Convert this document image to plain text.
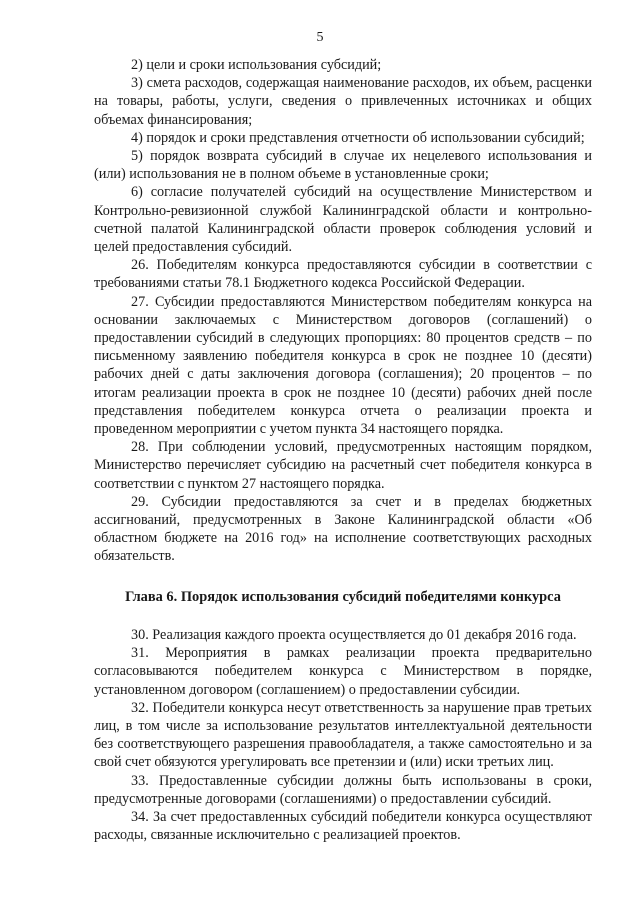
5

2) цели и сроки использования субсидий;

3) смета расходов, содержащая наименование расходов, их объем, расценки на товары, работы, услуги, сведения о привлеченных источниках и общих объемах финансирования;

4) порядок и сроки представления отчетности об использовании субсидий;

5) порядок возврата субсидий в случае их нецелевого использования и (или) использования не в полном объеме в установленные сроки;

6) согласие получателей субсидий на осуществление Министерством и Контрольно-ревизионной службой Калининградской области и контрольно-счетной палатой Калининградской области проверок соблюдения условий и целей предоставления субсидий.

26. Победителям конкурса предоставляются субсидии в соответствии с требованиями статьи 78.1 Бюджетного кодекса Российской Федерации.

27. Субсидии предоставляются Министерством победителям конкурса на основании заключаемых с Министерством договоров (соглашений) о предоставлении субсидий в следующих пропорциях: 80 процентов средств – по письменному заявлению победителя конкурса в срок не позднее 10 (десяти) рабочих дней с даты заключения договора (соглашения); 20 процентов – по итогам реализации проекта в срок не позднее 10 (десяти) рабочих дней после представления победителем конкурса отчета о реализации проекта и проведенном мероприятии с учетом пункта 34 настоящего порядка.

28. При соблюдении условий, предусмотренных настоящим порядком, Министерство перечисляет субсидию на расчетный счет победителя конкурса в соответствии с пунктом 27 настоящего порядка.

29. Субсидии предоставляются за счет и в пределах бюджетных ассигнований, предусмотренных в Законе Калининградской области «Об областном бюджете на 2016 год» на исполнение соответствующих расходных обязательств.

Глава 6. Порядок использования субсидий победителями конкурса

30. Реализация каждого проекта осуществляется до 01 декабря 2016 года.

31. Мероприятия в рамках реализации проекта предварительно согласовываются победителем конкурса с Министерством в порядке, установленном договором (соглашением) о предоставлении субсидии.

32. Победители конкурса несут ответственность за нарушение прав третьих лиц, в том числе за использование результатов интеллектуальной деятельности без соответствующего разрешения правообладателя, а также самостоятельно и за свой счет обязуются урегулировать все претензии и (или) иски третьих лиц.

33. Предоставленные субсидии должны быть использованы в сроки, предусмотренные договорами (соглашениями) о предоставлении субсидий.

34. За счет предоставленных субсидий победители конкурса осуществляют расходы, связанные исключительно с реализацией проектов.
